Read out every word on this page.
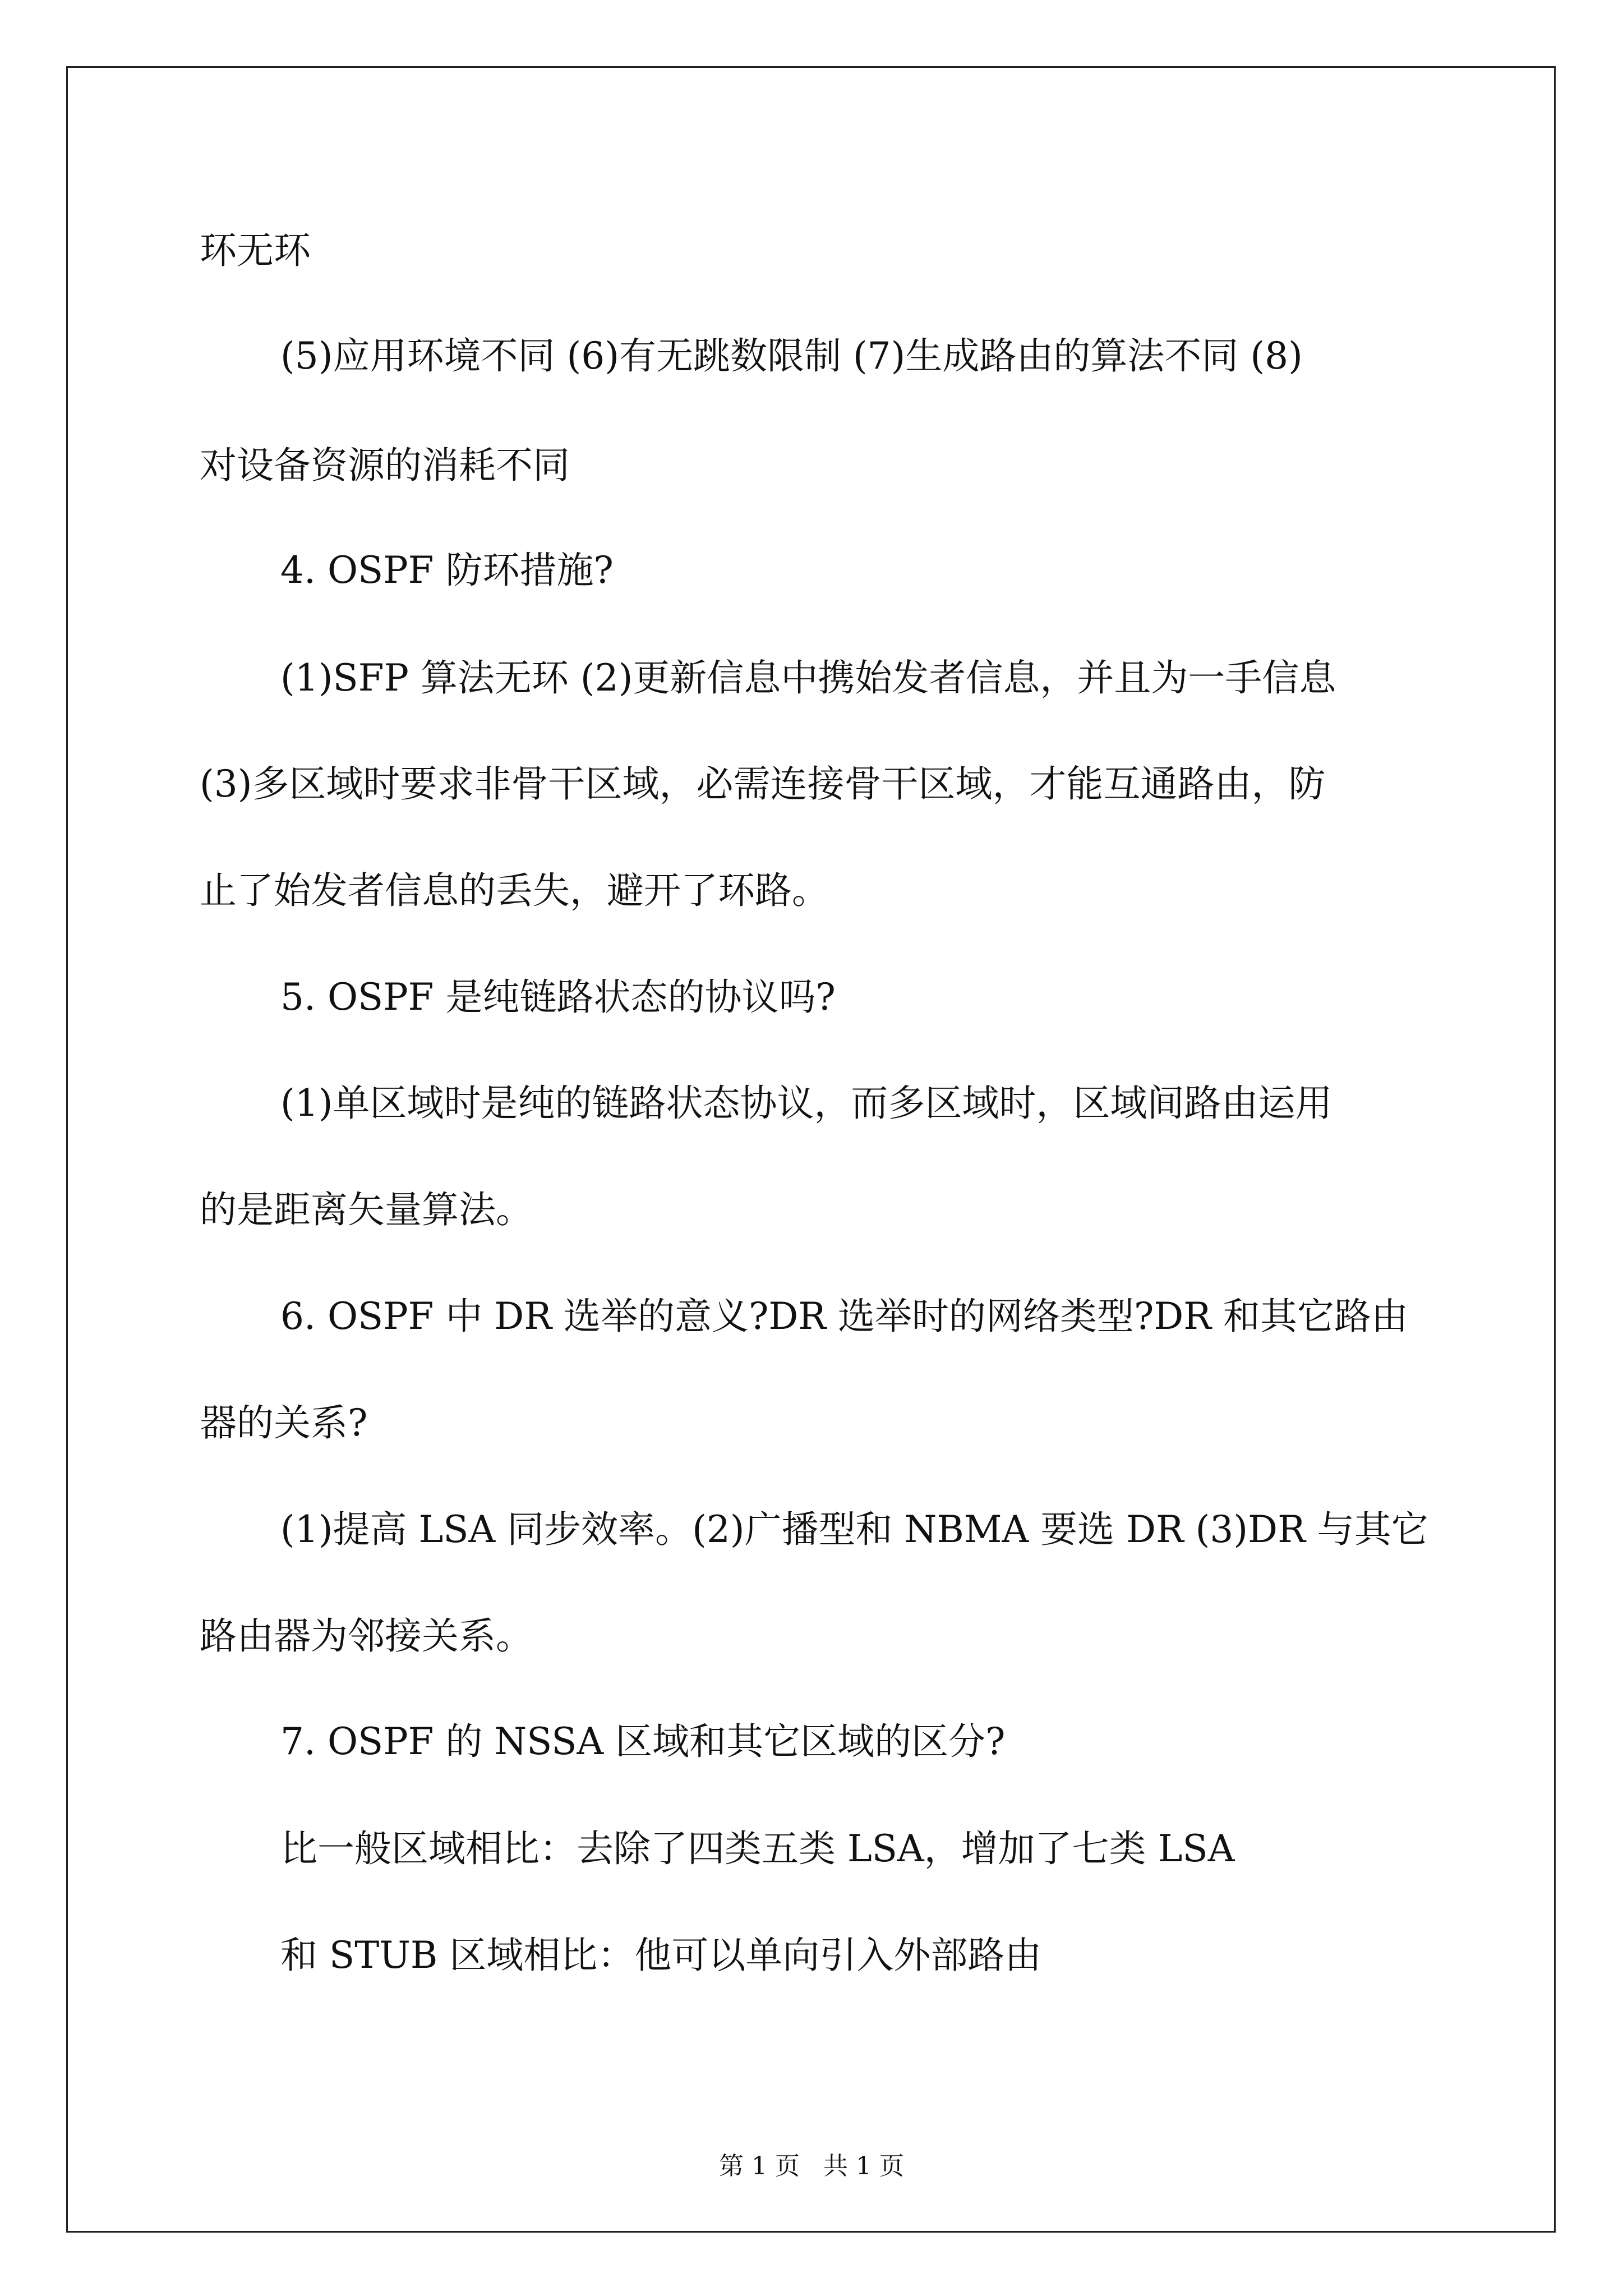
环无环
(5)应用环境不同 (6)有无跳数限制 (7)生成路由的算法不同 (8)
对设备资源的消耗不同
4. OSPF 防环措施?
(1)SFP 算法无环 (2)更新信息中携始发者信息，并且为一手信息
(3)多区域时要求非骨干区域，必需连接骨干区域，才能互通路由，防
止了始发者信息的丢失，避开了环路。
5. OSPF 是纯链路状态的协议吗?
(1)单区域时是纯的链路状态协议，而多区域时，区域间路由运用
的是距离矢量算法。
6. OSPF 中 DR 选举的意义?DR 选举时的网络类型?DR 和其它路由
器的关系?
(1)提高 LSA 同步效率。(2)广播型和 NBMA 要选 DR (3)DR 与其它
路由器为邻接关系。
7. OSPF 的 NSSA 区域和其它区域的区分?
比一般区域相比：去除了四类五类 LSA，增加了七类 LSA
和 STUB 区域相比：他可以单向引入外部路由
第 1 页   共 1 页
